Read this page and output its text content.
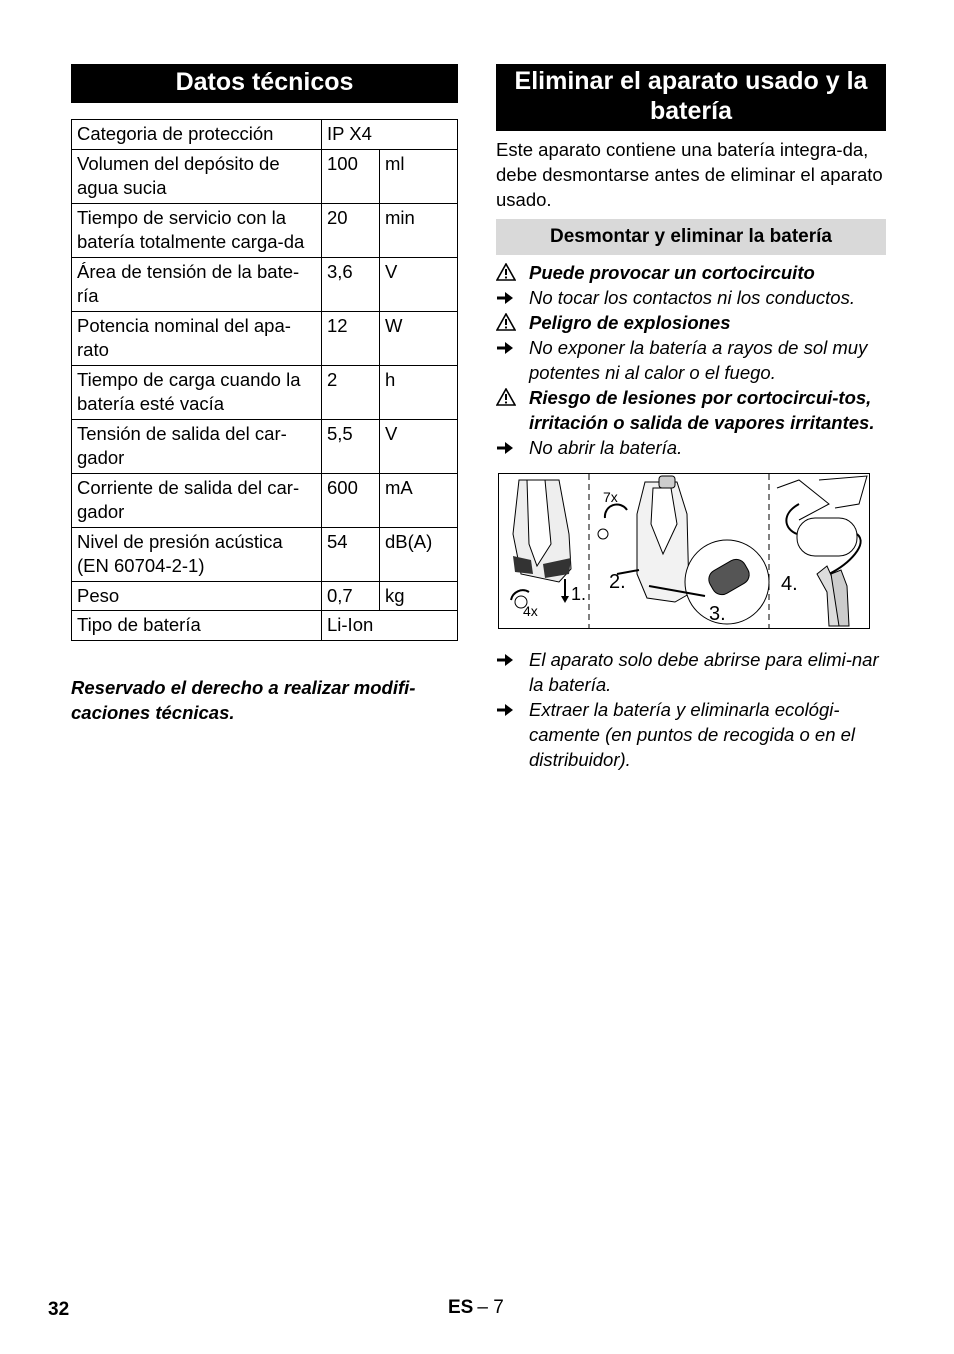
Datos técnicos
Categoria de protección	IP X4	
Volumen del depósito de agua sucia	100	ml
Tiempo de servicio con la batería totalmente carga-da	20	min
Área de tensión de la bate-ría	3,6	V
Potencia nominal del apa-rato	12	W
Tiempo de carga cuando la batería esté vacía	2	h
Tensión de salida del car-gador	5,5	V
Corriente de salida del car-gador	600	mA
Nivel de presión acústica (EN 60704-2-1)	54	dB(A)
Peso	0,7	kg
Tipo de batería	Li-Ion	
Reservado el derecho a realizar modifi-caciones técnicas.
Eliminar el aparato usado y la
batería
Este aparato contiene una batería integra-da, debe desmontarse antes de eliminar el aparato usado.
Desmontar y eliminar la batería
Puede provocar un cortocircuito
No tocar los contactos ni los conductos.
Peligro de explosiones
No exponer la batería a rayos de sol muy potentes ni al calor o el fuego.
Riesgo de lesiones por cortocircui-tos, irritación o salida de vapores irritantes.
No abrir la batería.
4x
1.
7x
2.
3.
4.
El aparato solo debe abrirse para elimi-nar la batería.
Extraer la batería y eliminarla ecológi-camente (en puntos de recogida o en el distribuidor).
32	ES – 7
